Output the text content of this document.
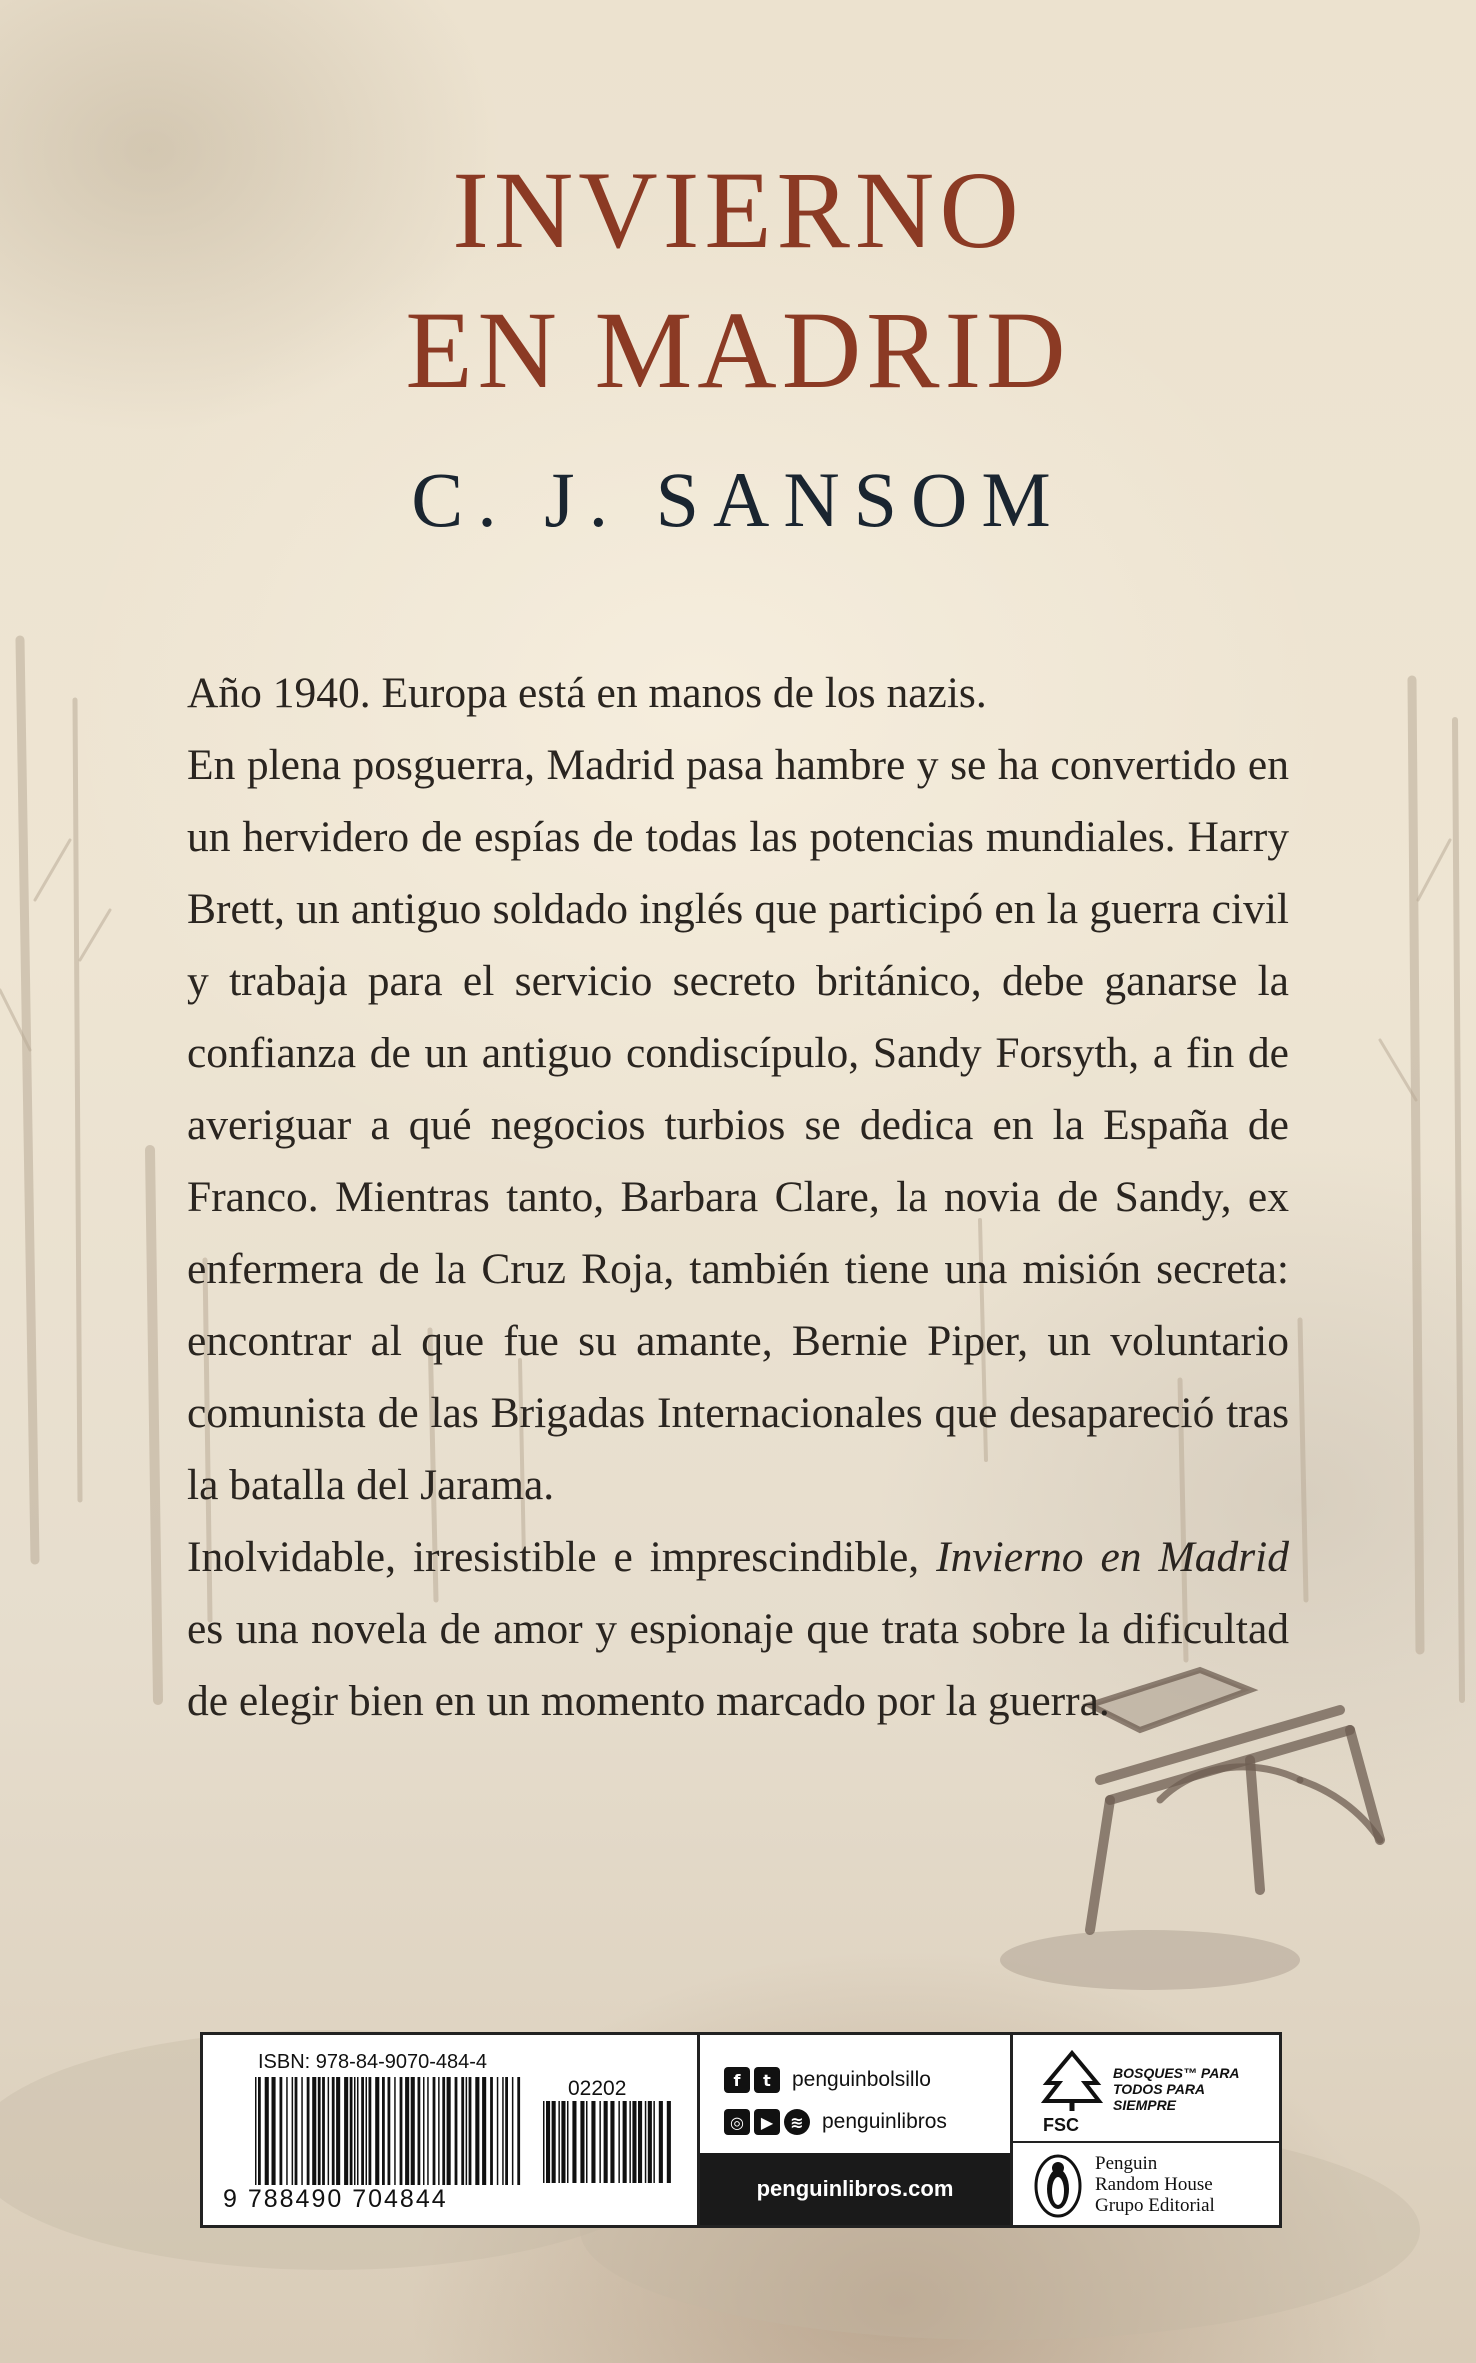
INVIERNO
EN MADRID
C. J. SANSOM

Año 1940. Europa está en manos de los nazis.

En plena posguerra, Madrid pasa hambre y se ha convertido en un hervidero de espías de todas las potencias mundiales. Harry Brett, un antiguo soldado inglés que participó en la guerra civil y trabaja para el servicio secreto británico, debe ganarse la confianza de un antiguo condiscípulo, Sandy Forsyth, a fin de averiguar a qué negocios turbios se dedica en la España de Franco. Mientras tanto, Barbara Clare, la novia de Sandy, ex enfermera de la Cruz Roja, también tiene una misión secreta: encontrar al que fue su amante, Bernie Piper, un voluntario comunista de las Brigadas Internacionales que desapareció tras la batalla del Jarama.

Inolvidable, irresistible e imprescindible, Invierno en Madrid es una novela de amor y espionaje que trata sobre la dificultad de elegir bien en un momento marcado por la guerra.

ISBN: 978-84-9070-484-4
02202
9 788490 704844
f	t	penguinbolsillo
◎	▶	≋ penguinlibros
penguinlibros.com
FSC
BOSQUES™ PARA TODOS PARA SIEMPRE
Penguin
Random House
Grupo Editorial
